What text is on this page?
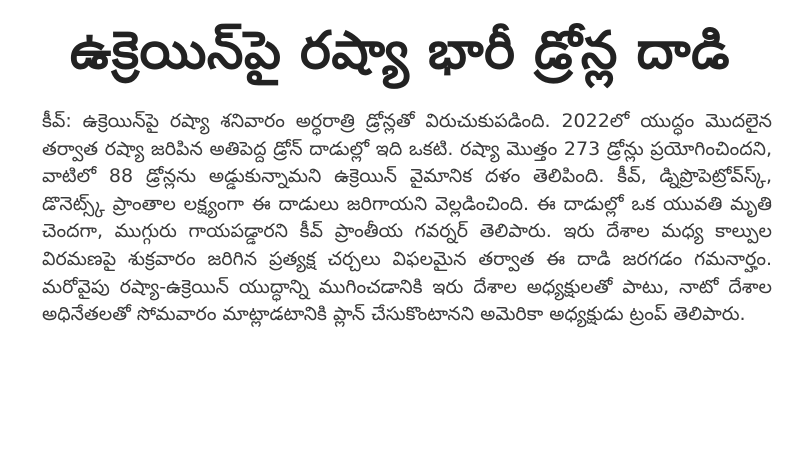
ఉక్రెయిన్‌పై రష్యా భారీ డ్రోన్ల దాడి

కీవ్‌: ఉక్రెయిన్‌పై రష్యా శనివారం అర్ధరాత్రి డ్రోన్లతో విరుచుకుపడింది. 2022లో యుద్ధం మొదలైన తర్వాత రష్యా జరిపిన అతిపెద్ద డ్రోన్‌ దాడుల్లో ఇది ఒకటి. రష్యా మొత్తం 273 డ్రోన్లు ప్రయోగించిందని, వాటిలో 88 డ్రోన్లను అడ్డుకున్నామని ఉక్రెయిన్‌ వైమానిక దళం తెలిపింది. కీవ్‌, డ్నిప్రొపెట్రోవ్‌స్క్‌, డొనెట్స్క్‌ ప్రాంతాల లక్ష్యంగా ఈ దాడులు జరిగాయని వెల్లడించింది. ఈ దాడుల్లో ఒక యువతి మృతి చెందగా, ముగ్గురు గాయపడ్డారని కీవ్‌ ప్రాంతీయ గవర్నర్‌ తెలిపారు. ఇరు దేశాల మధ్య కాల్పుల విరమణపై శుక్రవారం జరిగిన ప్రత్యక్ష చర్చలు విఫలమైన తర్వాత ఈ దాడి జరగడం గమనార్హం. మరోవైపు రష్యా-ఉక్రెయిన్‌ యుద్ధాన్ని ముగించడానికి ఇరు దేశాల అధ్యక్షులతో పాటు, నాటో దేశాల అధినేతలతో సోమవారం మాట్లాడటానికి ప్లాన్‌ చేసుకొంటానని అమెరికా అధ్యక్షుడు ట్రంప్‌ తెలిపారు.
